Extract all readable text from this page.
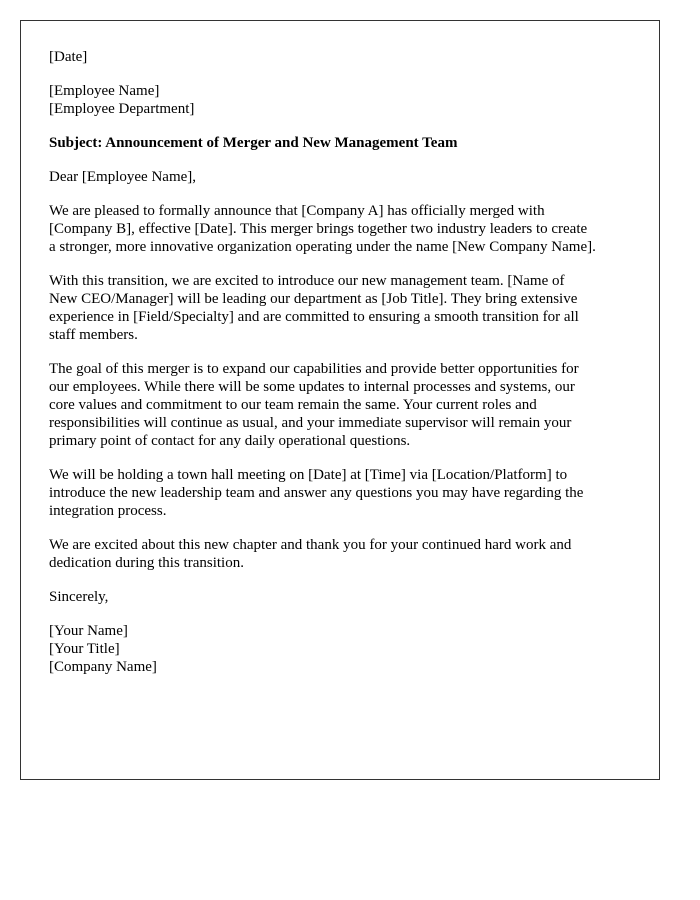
[Date]
[Employee Name]
[Employee Department]
Subject: Announcement of Merger and New Management Team
Dear [Employee Name],

We are pleased to formally announce that [Company A] has officially merged with
[Company B], effective [Date]. This merger brings together two industry leaders to create
a stronger, more innovative organization operating under the name [New Company Name].

With this transition, we are excited to introduce our new management team. [Name of
New CEO/Manager] will be leading our department as [Job Title]. They bring extensive
experience in [Field/Specialty] and are committed to ensuring a smooth transition for all
staff members.

The goal of this merger is to expand our capabilities and provide better opportunities for
our employees. While there will be some updates to internal processes and systems, our
core values and commitment to our team remain the same. Your current roles and
responsibilities will continue as usual, and your immediate supervisor will remain your
primary point of contact for any daily operational questions.

We will be holding a town hall meeting on [Date] at [Time] via [Location/Platform] to
introduce the new leadership team and answer any questions you may have regarding the
integration process.

We are excited about this new chapter and thank you for your continued hard work and
dedication during this transition.

Sincerely,
[Your Name]
[Your Title]
[Company Name]
